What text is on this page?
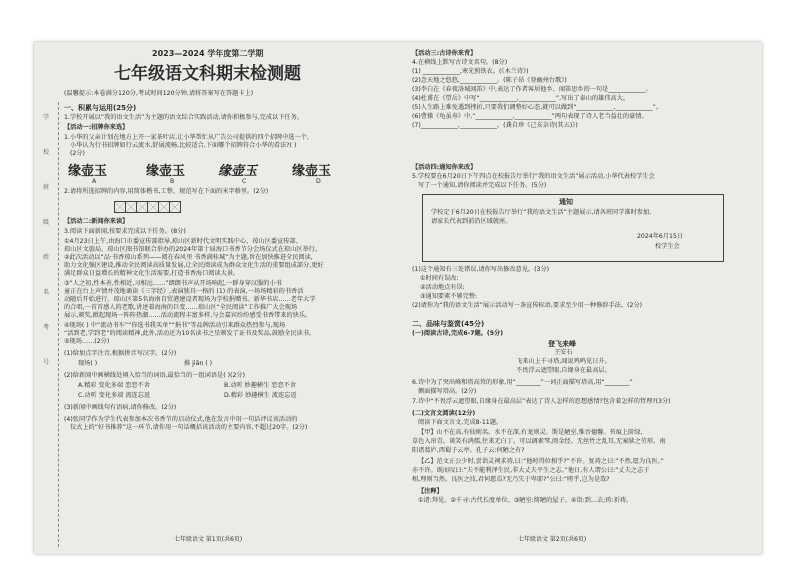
学
校
班
级
姓
名
考
号
2023—2024 学年度第二学期
七年级语文科期末检测题
(温馨提示:本卷满分120分,考试时间120分钟,请将答案写在答题卡上)
一、积累与运用(25分)
1.学校开展以“我的语文生活”为主题的语文综合实践活动,请你积极参与,完成以下任务。
【活动一:招牌你来选】
1.小华的父亲计划在地方上开一家茶叶店,让小华帮忙从广告公司提供的四个招牌中选一个,
小华认为行书招牌如行云流水,舒展流畅,比较适合,下面哪个招牌符合小华的看法?( )
(2分)
缘壶玉	缘壶玉	缘壶玉	缘壶玉
A	B	C	D
2.请将所选招牌的内容,用简体楷书,工整、规范写在下面的米字格里。(2分)
【活动二:新闻你来读】
3.阅读下面新闻,按要求完成以下任务。(8分)
①4月23日上午,由海口市委宣传部指导,琼山区新时代文明实践中心、琼山区委宣传部、
琼山区文旅局、琼山区图书馆联合举办的2024年第十届海口书香节分会场仪式在琼山区举行。
②此次活动以“品·书香琼山系列——阅在春风里 书香满桂城”为主题,旨在加快推进全民阅读,
助力文化强区建设,推动全民阅读高质量发展,让全民阅读成为群众文化生活的重要组成部分,更好
满足群众日益增长的精神文化生活需要,打造书香海口阅读大景。
③“人之初,性本善,性相近,习相远……”朗朗书声从开场响起,一群身穿汉服的小书
童正在台上声情并茂地诵读《三字经》,表演独具一格的 (1) 的表演,一场场精彩的书香活
动随后开始进行。琼山区第5名海南自贸港建设者现场为学校捐赠书。新华书店……老年大学
的合唱,一首首感人的老歌,讲述着海南的巨变……琼山区“全民阅读”工作推广大会现场
展示,颁奖,掀起现场一阵阵热潮……活动流程丰富多样,与会嘉宾纷纷感受书香带来的快乐。
④现场( ) 中“流动书车”“你选书我买单”“捐书”等品牌活动引来群众热烈参与,现场
“活到老,学到老”的阅读精神,此外,活动还为10名读书之星颁发了证书及奖品,鼓励全民读书。
⑤现场……(2分)
(1)给加点字注音,根据拼音写汉字。(2分)
现场( )	推 jiān ( )
(2)给新闻中画横线处填入恰当的词语,最恰当的一组词语是( )(2分)
A.精彩 变化多端 恋恋不舍	B.动听 妙趣横生 恋恋不舍
C.动听 变化多端 流连忘返	D.精彩 妙趣横生 流连忘返
(3)新闻中画线句有语病,请你修改。(2分)
(4)张同学作为学生代表参加本次书香节的启动仪式,他在发言中用一句话评议该活动的
仪式上的“好书推荐”这一环节,请你用一句话概括该活动的主要内容,不超过20字。(2分)
七年级语文 第1页(共6页)
【活动三:古诗你来背】
4.在横线上默写古诗文名句。(8分)
(1) ____________,寒光照铁衣。(《木兰诗》)
(2)念天地之悠悠,____________。(陈子昂《登幽州台歌》)
(3)李白在《春夜洛城闻笛》中,表达了作者客居他乡、闻笛思乡的一句是____________。
(4)杜甫在《望岳》中写“____________,____________”,写出了泰山的雄伟高大。
(5)人生路上难免遇到挫折,只要我们调整好心态,就可以做到“____________,____________”。
(6)曹操《龟虽寿》中,“____________,____________”两句表现了诗人老当益壮的豪情。
(7)____________,____________。(龚自珍《己亥杂诗(其五)》)
【活动四:通知你来改】
5.学校要在6月20日下午四点在校报告厅举行“我的语文生活”展示活动,小华代表校学生会
写了一个通知,请你阅读并完成以下任务。(5分)
通知
学校定于6月20日在校报告厅举行“我的语文生活”主题展示,请各班同学准时参加,
请家长代表到前沿区域就座。
2024年6月15日
校学生会
(1)这个通知有三处错误,请你写出修改意见。(3分)
①时间有误改:
②活动地点有误:
③通知要素不够完整:
(2)请你为“我的语文生活”展示活动写一条宣传标语,要求至少用一种修辞手法。(2分)
二、品味与鉴赏(45分)
(一)阅读古诗,完成6-7题。(5分)
登飞来峰
王安石
飞来山上千寻塔,闻说鸡鸣见日升。
不畏浮云遮望眼,自缘身在最高层。
6.诗中为了突出峰和塔高耸的形象,用“________”一词正面描写塔高,用“________”
侧面描写塔高。(2分)
7.诗中“不畏浮云遮望眼,自缘身在最高层”表达了诗人怎样的思想感情?包含着怎样的哲理?(3分)
(二)文言文阅读(12分)
阅读下面文言文,完成8-11题。
【甲】山不在高,有仙则名。水不在深,有龙则灵。斯是陋室,惟吾德馨。苔痕上阶绿,
草色入帘青。谈笑有鸿儒,往来无白丁。可以调素琴,阅金经。无丝竹之乱耳,无案牍之劳形。南
阳诸葛庐,西蜀子云亭。孔子云:何陋之有?
【乙】范文正公少时,尝诣灵祠求祷,曰:“他时得位相乎?”不许。复祷之曰:“不然,愿为良医。”
亦不许。既而叹曰:“夫不能利泽生民,非大丈夫平生之志。”他日,有人谓公曰:“丈夫之志于
相,理则当然。良医之技,君何愿焉?无乃失于卑耶?”公曰:“嗟乎,岂为是哉?
【注释】
①诸:拜见。②千寻:古代长度单位。③陋室:简陋的屋子。④诣:到…去;祷:祈祷。
七年级语文 第2页(共6页)
